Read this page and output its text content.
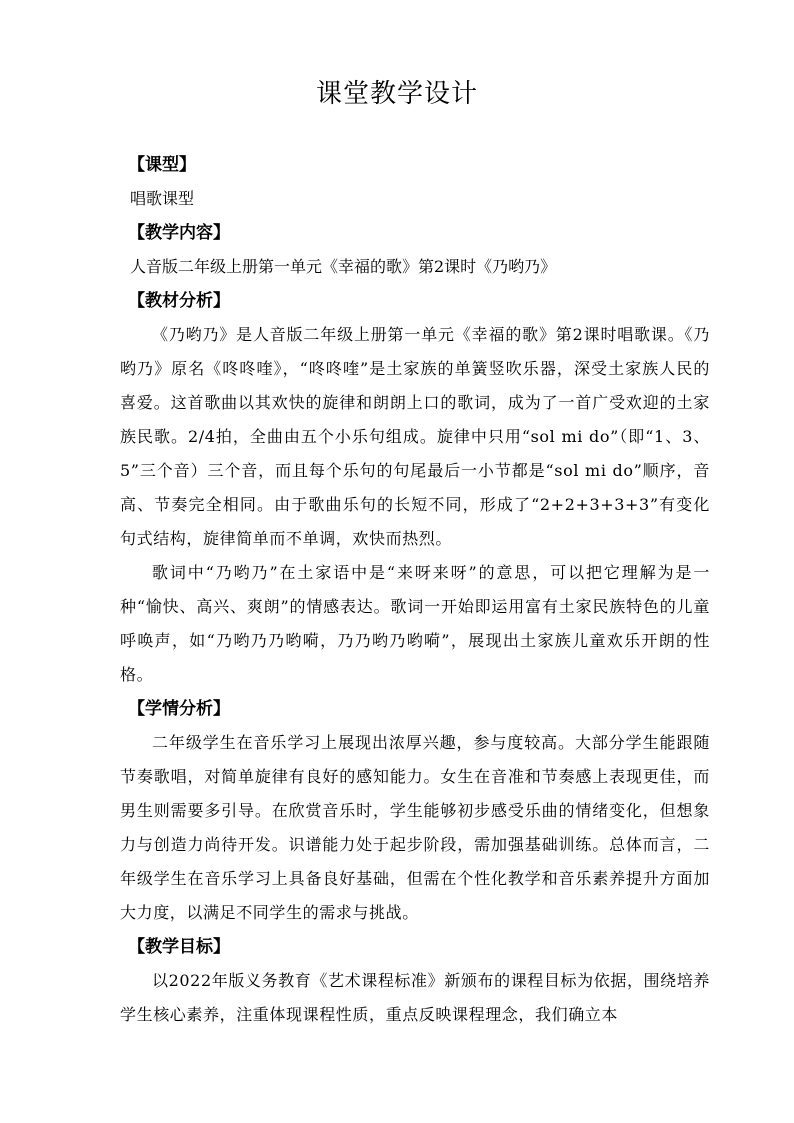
课堂教学设计
【课型】
唱歌课型
【教学内容】
人音版二年级上册第一单元《幸福的歌》第2课时《乃哟乃》
【教材分析】

《乃哟乃》是人音版二年级上册第一单元《幸福的歌》第2课时唱歌课。《乃哟乃》原名《咚咚喹》，“咚咚喹”是土家族的单簧竖吹乐器，深受土家族人民的喜爱。这首歌曲以其欢快的旋律和朗朗上口的歌词，成为了一首广受欢迎的土家族民歌。2/4拍，全曲由五个小乐句组成。旋律中只用“sol mi do”（即“1、3、5”三个音）三个音，而且每个乐句的句尾最后一小节都是“sol mi do”顺序，音高、节奏完全相同。由于歌曲乐句的长短不同，形成了“2+2+3+3+3”有变化句式结构，旋律简单而不单调，欢快而热烈。

歌词中“乃哟乃”在土家语中是“来呀来呀”的意思，可以把它理解为是一种“愉快、高兴、爽朗”的情感表达。歌词一开始即运用富有土家民族特色的儿童呼唤声，如“乃哟乃乃哟嗬，乃乃哟乃哟嗬”，展现出土家族儿童欢乐开朗的性格。

【学情分析】

二年级学生在音乐学习上展现出浓厚兴趣，参与度较高。大部分学生能跟随节奏歌唱，对简单旋律有良好的感知能力。女生在音准和节奏感上表现更佳，而男生则需要多引导。在欣赏音乐时，学生能够初步感受乐曲的情绪变化，但想象力与创造力尚待开发。识谱能力处于起步阶段，需加强基础训练。总体而言，二年级学生在音乐学习上具备良好基础，但需在个性化教学和音乐素养提升方面加大力度，以满足不同学生的需求与挑战。

【教学目标】

以2022年版义务教育《艺术课程标准》新颁布的课程目标为依据，围绕培养学生核心素养，注重体现课程性质，重点反映课程理念，我们确立本
